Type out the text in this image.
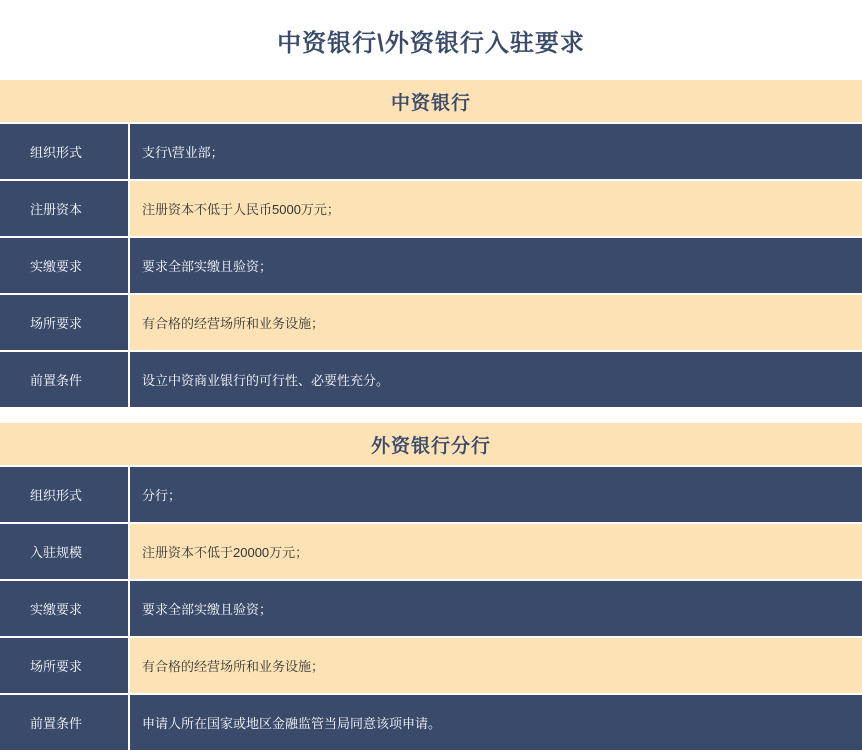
中资银行\外资银行入驻要求
中资银行
组织形式	支行\营业部；
注册资本	注册资本不低于人民币5000万元；
实缴要求	要求全部实缴且验资；
场所要求	有合格的经营场所和业务设施；
前置条件	设立中资商业银行的可行性、必要性充分。
外资银行分行
组织形式	分行；
入驻规模	注册资本不低于20000万元；
实缴要求	要求全部实缴且验资；
场所要求	有合格的经营场所和业务设施；
前置条件	申请人所在国家或地区金融监管当局同意该项申请。
